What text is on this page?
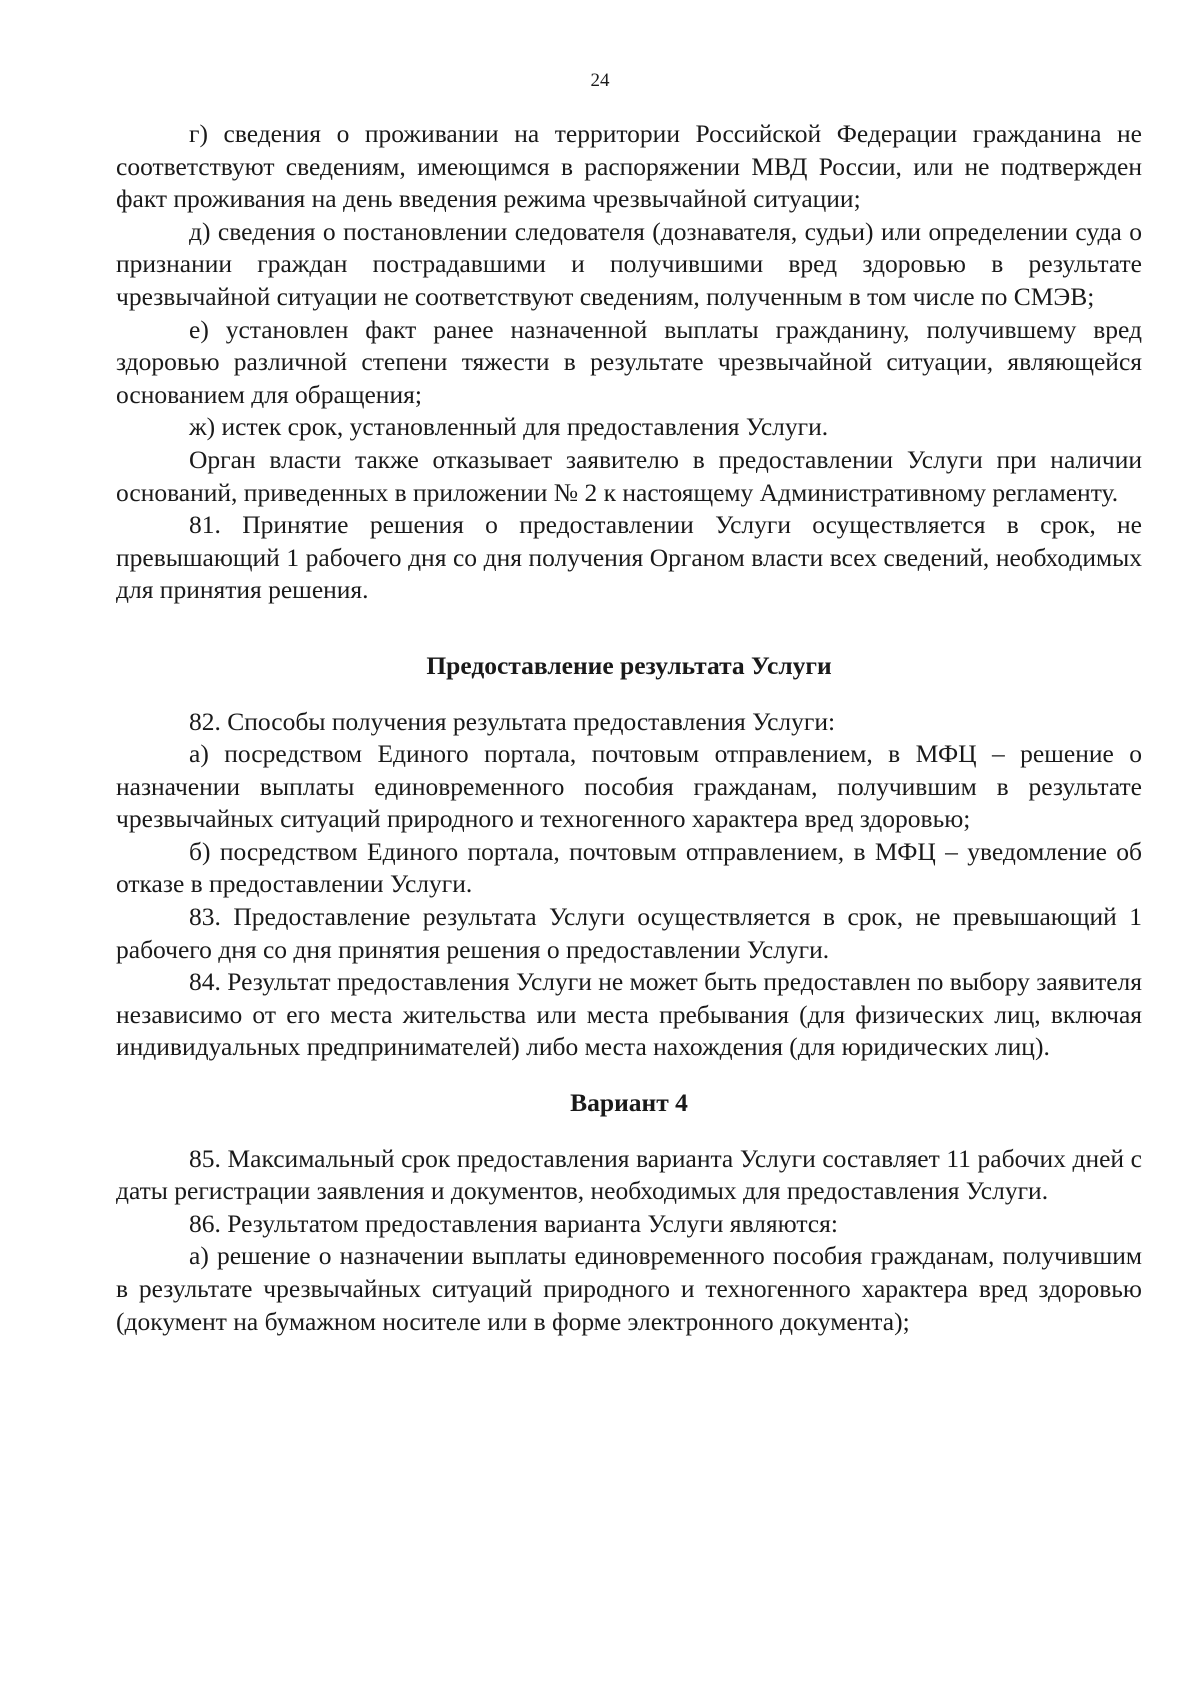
24

г) сведения о проживании на территории Российской Федерации гражданина не соответствуют сведениям, имеющимся в распоряжении МВД России, или не подтвержден факт проживания на день введения режима чрезвычайной ситуации;

д) сведения о постановлении следователя (дознавателя, судьи) или определении суда о признании граждан пострадавшими и получившими вред здоровью в результате чрезвычайной ситуации не соответствуют сведениям, полученным в том числе по СМЭВ;

е) установлен факт ранее назначенной выплаты гражданину, получившему вред здоровью различной степени тяжести в результате чрезвычайной ситуации, являющейся основанием для обращения;

ж) истек срок, установленный для предоставления Услуги.

Орган власти также отказывает заявителю в предоставлении Услуги при наличии оснований, приведенных в приложении № 2 к настоящему Административному регламенту.

81. Принятие решения о предоставлении Услуги осуществляется в срок, не превышающий 1 рабочего дня со дня получения Органом власти всех сведений, необходимых для принятия решения.

Предоставление результата Услуги

82. Способы получения результата предоставления Услуги:

а) посредством Единого портала, почтовым отправлением, в МФЦ – решение о назначении выплаты единовременного пособия гражданам, получившим в результате чрезвычайных ситуаций природного и техногенного характера вред здоровью;

б) посредством Единого портала, почтовым отправлением, в МФЦ – уведомление об отказе в предоставлении Услуги.

83. Предоставление результата Услуги осуществляется в срок, не превышающий 1 рабочего дня со дня принятия решения о предоставлении Услуги.

84. Результат предоставления Услуги не может быть предоставлен по выбору заявителя независимо от его места жительства или места пребывания (для физических лиц, включая индивидуальных предпринимателей) либо места нахождения (для юридических лиц).

Вариант 4

85. Максимальный срок предоставления варианта Услуги составляет 11 рабочих дней с даты регистрации заявления и документов, необходимых для предоставления Услуги.

86. Результатом предоставления варианта Услуги являются:

а) решение о назначении выплаты единовременного пособия гражданам, получившим в результате чрезвычайных ситуаций природного и техногенного характера вред здоровью (документ на бумажном носителе или в форме электронного документа);
